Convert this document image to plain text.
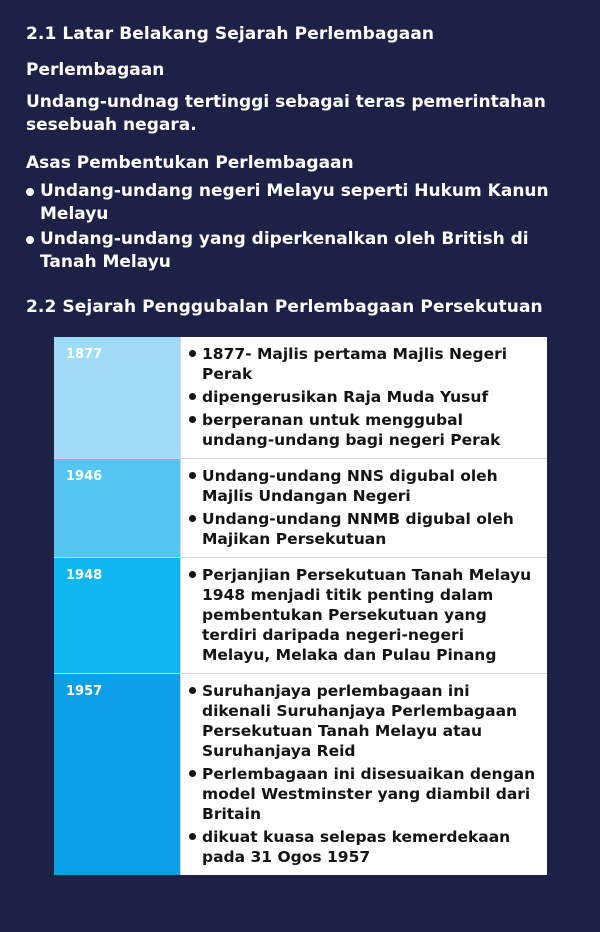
2.1 Latar Belakang Sejarah Perlembagaan
Perlembagaan
Undang-undnag tertinggi sebagai teras pemerintahan sesebuah negara.
Asas Pembentukan Perlembagaan
Undang-undang negeri Melayu seperti Hukum Kanun Melayu
Undang-undang yang diperkenalkan oleh British di Tanah Melayu
2.2 Sejarah Penggubalan Perlembagaan Persekutuan
1877	1877- Majlis pertama Majlis Negeri Perak
dipengerusikan Raja Muda Yusuf
berperanan untuk menggubal undang-undang bagi negeri Perak
1946	Undang-undang NNS digubal oleh Majlis Undangan Negeri
Undang-undang NNMB digubal oleh Majikan Persekutuan
1948	Perjanjian Persekutuan Tanah Melayu 1948 menjadi titik penting dalam pembentukan Persekutuan yang terdiri daripada negeri-negeri Melayu, Melaka dan Pulau Pinang
1957	Suruhanjaya perlembagaan ini dikenali Suruhanjaya Perlembagaan Persekutuan Tanah Melayu atau Suruhanjaya Reid
Perlembagaan ini disesuaikan dengan model Westminster yang diambil dari Britain
dikuat kuasa selepas kemerdekaan pada 31 Ogos 1957
